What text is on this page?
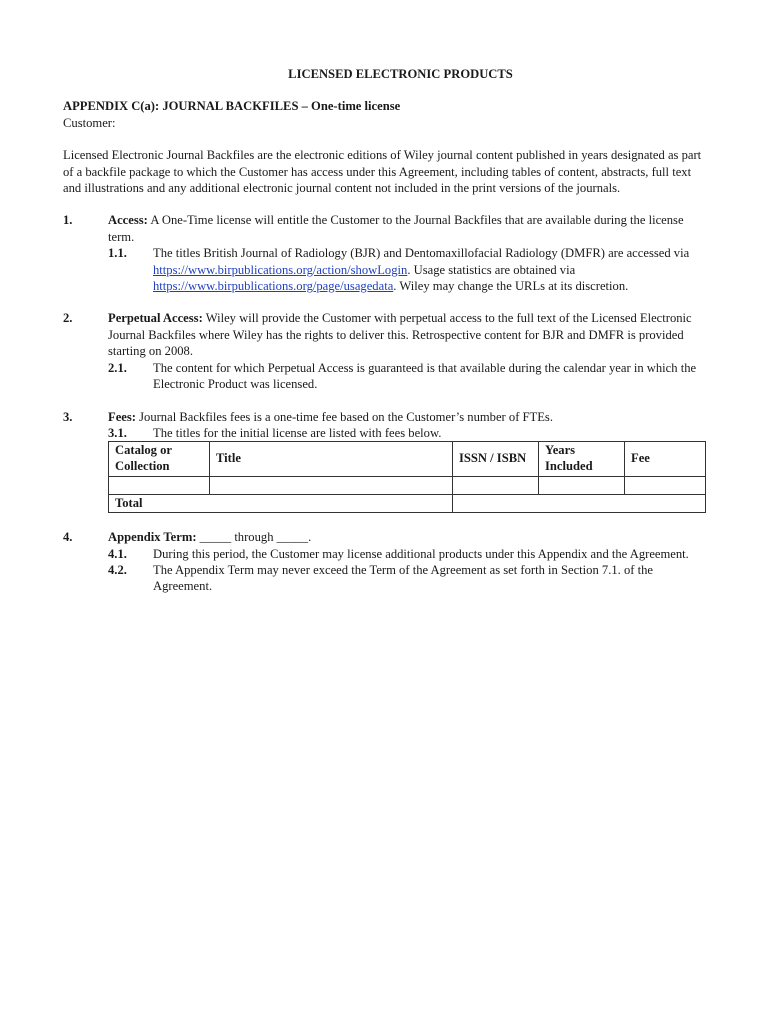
LICENSED ELECTRONIC PRODUCTS
APPENDIX C(a): JOURNAL BACKFILES – One-time license
Customer:

Licensed Electronic Journal Backfiles are the electronic editions of Wiley journal content published in years designated as part of a backfile package to which the Customer has access under this Agreement, including tables of content, abstracts, full text and illustrations and any additional electronic journal content not included in the print versions of the journals.

1.	Access: A One-Time license will entitle the Customer to the Journal Backfiles that are available during the license term.
1.1. The titles British Journal of Radiology (BJR) and Dentomaxillofacial Radiology (DMFR) are accessed via https://www.birpublications.org/action/showLogin. Usage statistics are obtained via https://www.birpublications.org/page/usagedata. Wiley may change the URLs at its discretion.
2.	Perpetual Access: Wiley will provide the Customer with perpetual access to the full text of the Licensed Electronic Journal Backfiles where Wiley has the rights to deliver this. Retrospective content for BJR and DMFR is provided starting on 2008.
2.1. The content for which Perpetual Access is guaranteed is that available during the calendar year in which the Electronic Product was licensed.
3.	Fees: Journal Backfiles fees is a one-time fee based on the Customer’s number of FTEs.
3.1. The titles for the initial license are listed with fees below.
Catalog or Collection	Title	ISSN / ISBN	Years Included	Fee

Total				
4.	Appendix Term: _____ through _____.
4.1. During this period, the Customer may license additional products under this Appendix and the Agreement.
4.2. The Appendix Term may never exceed the Term of the Agreement as set forth in Section 7.1. of the Agreement.
